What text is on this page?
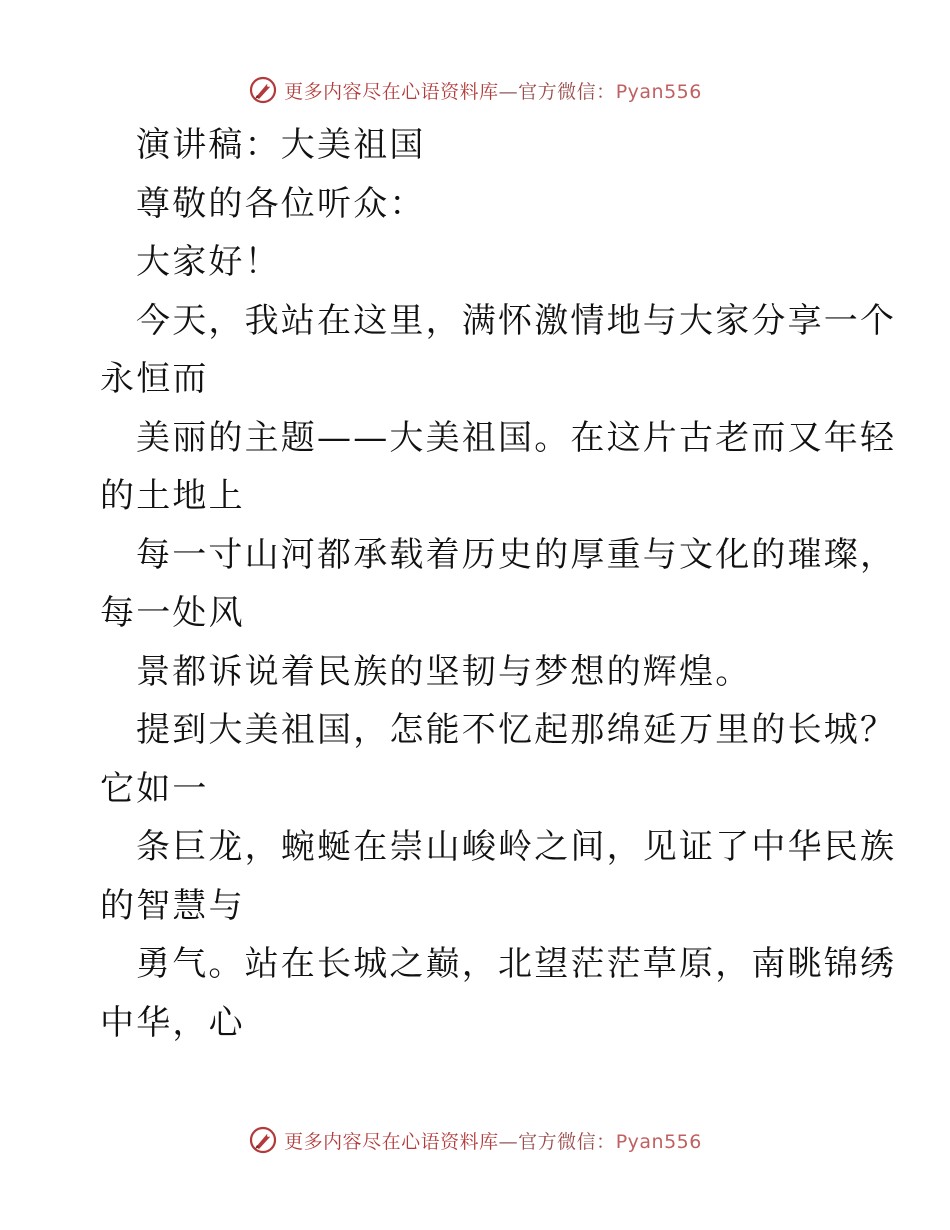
更多内容尽在心语资料库—官方微信：Pyan556
演讲稿：大美祖国
尊敬的各位听众：
大家好！
今天，我站在这里，满怀激情地与大家分享一个
永恒而
美丽的主题——大美祖国。在这片古老而又年轻
的土地上
每一寸山河都承载着历史的厚重与文化的璀璨，
每一处风
景都诉说着民族的坚韧与梦想的辉煌。
提到大美祖国，怎能不忆起那绵延万里的长城？
它如一
条巨龙，蜿蜒在崇山峻岭之间，见证了中华民族
的智慧与
勇气。站在长城之巅，北望茫茫草原，南眺锦绣
中华，心
更多内容尽在心语资料库—官方微信：Pyan556
